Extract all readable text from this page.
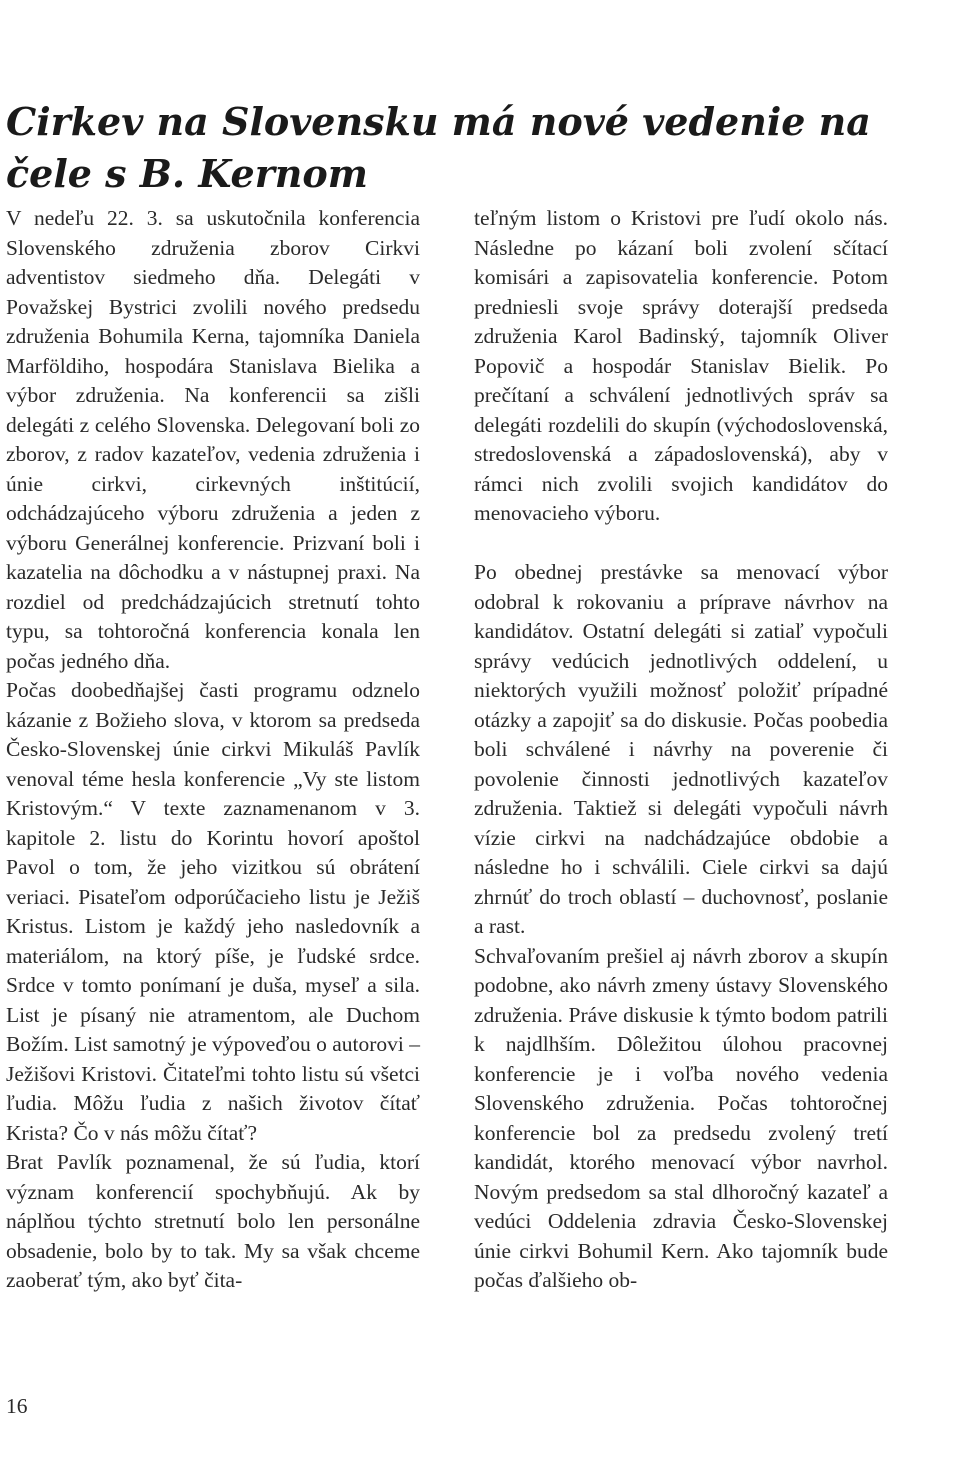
Cirkev na Slovensku má nové vedenie na čele s B. Kernom

V nedeľu 22. 3. sa uskutočnila konferencia Slovenského združenia zborov Cirkvi adventistov siedmeho dňa. Delegáti v Považskej Bystrici zvolili nového predsedu združenia Bohumila Kerna, tajomníka Daniela Marföldiho, hospodára Stanislava Bielika a výbor združenia. Na konferencii sa zišli delegáti z celého Slovenska. Delegovaní boli zo zborov, z radov kazateľov, vedenia združenia i únie cirkvi, cirkevných inštitúcií, odchádzajúceho výboru združenia a jeden z výboru Generálnej konferencie. Prizvaní boli i kazatelia na dôchodku a v nástupnej praxi. Na rozdiel od predchádzajúcich stretnutí tohto typu, sa tohtoročná konferencia konala len počas jedného dňa.

Počas doobedňajšej časti programu odznelo kázanie z Božieho slova, v ktorom sa predseda Česko-Slovenskej únie cirkvi Mikuláš Pavlík venoval téme hesla konferencie „Vy ste listom Kristovým.“ V texte zaznamenanom v 3. kapitole 2. listu do Korintu hovorí apoštol Pavol o tom, že jeho vizitkou sú obrátení veriaci. Pisateľom odporúčacieho listu je Ježiš Kristus. Listom je každý jeho nasledovník a materiálom, na ktorý píše, je ľudské srdce. Srdce v tomto ponímaní je duša, myseľ a sila. List je písaný nie atramentom, ale Duchom Božím. List samotný je výpoveďou o autorovi – Ježišovi Kristovi. Čitateľmi tohto listu sú všetci ľudia. Môžu ľudia z našich životov čítať Krista? Čo v nás môžu čítať?

Brat Pavlík poznamenal, že sú ľudia, ktorí význam konferencií spochybňujú. Ak by náplňou týchto stretnutí bolo len personálne obsadenie, bolo by to tak. My sa však chceme zaoberať tým, ako byť čita-

teľným listom o Kristovi pre ľudí okolo nás. Následne po kázaní boli zvolení sčítací komisári a zapisovatelia konferencie. Potom predniesli svoje správy doterajší predseda združenia Karol Badinský, tajomník Oliver Popovič a hospodár Stanislav Bielik. Po prečítaní a schválení jednotlivých správ sa delegáti rozdelili do skupín (východoslovenská, stredoslovenská a západoslovenská), aby v rámci nich zvolili svojich kandidátov do menovacieho výboru.

Po obednej prestávke sa menovací výbor odobral k rokovaniu a príprave návrhov na kandidátov. Ostatní delegáti si zatiaľ vypočuli správy vedúcich jednotlivých oddelení, u niektorých využili možnosť položiť prípadné otázky a zapojiť sa do diskusie. Počas poobedia boli schválené i návrhy na poverenie či povolenie činnosti jednotlivých kazateľov združenia. Taktiež si delegáti vypočuli návrh vízie cirkvi na nadchádzajúce obdobie a následne ho i schválili. Ciele cirkvi sa dajú zhrnúť do troch oblastí – duchovnosť, poslanie a rast.

Schvaľovaním prešiel aj návrh zborov a skupín podobne, ako návrh zmeny ústavy Slovenského združenia. Práve diskusie k týmto bodom patrili k najdlhším. Dôležitou úlohou pracovnej konferencie je i voľba nového vedenia Slovenského združenia. Počas tohtoročnej konferencie bol za predsedu zvolený tretí kandidát, ktorého menovací výbor navrhol. Novým predsedom sa stal dlhoročný kazateľ a vedúci Oddelenia zdravia Česko-Slovenskej únie cirkvi Bohumil Kern. Ako tajomník bude počas ďalšieho ob-

16
